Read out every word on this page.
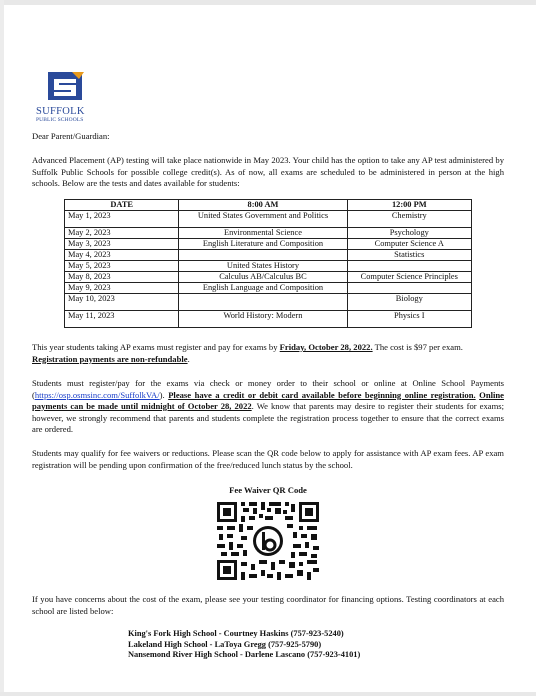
SUFFOLK
PUBLIC SCHOOLS
Dear Parent/Guardian:
Advanced Placement (AP) testing will take place nationwide in May 2023. Your child has the option to take any AP test administered by Suffolk Public Schools for possible college credit(s). As of now, all exams are scheduled to be administered in person at the high schools. Below are the tests and dates available for students:
DATE	8:00 AM	12:00 PM
May 1, 2023	United States Government and Politics	Chemistry
May 2, 2023	Environmental Science	Psychology
May 3, 2023	English Literature and Composition	Computer Science A
May 4, 2023		Statistics
May 5, 2023	United States History	
May 8, 2023	Calculus AB/Calculus BC	Computer Science Principles
May 9, 2023	English Language and Composition	
May 10, 2023		Biology
May 11, 2023	World History: Modern	Physics I
This year students taking AP exams must register and pay for exams by Friday, October 28, 2022. The cost is $97 per exam. Registration payments are non-refundable.
Students must register/pay for the exams via check or money order to their school or online at Online School Payments (https://osp.osmsinc.com/SuffolkVA/). Please have a credit or debit card available before beginning online registration. Online payments can be made until midnight of October 28, 2022. We know that parents may desire to register their students for exams; however, we strongly recommend that parents and students complete the registration process together to ensure that the correct exams are ordered.
Students may qualify for fee waivers or reductions. Please scan the QR code below to apply for assistance with AP exam fees. AP exam registration will be pending upon confirmation of the free/reduced lunch status by the school.
Fee Waiver QR Code
If you have concerns about the cost of the exam, please see your testing coordinator for financing options. Testing coordinators at each school are listed below:
King's Fork High School - Courtney Haskins (757-923-5240)
Lakeland High School - LaToya Gregg (757-925-5790)
Nansemond River High School - Darlene Lascano (757-923-4101)
